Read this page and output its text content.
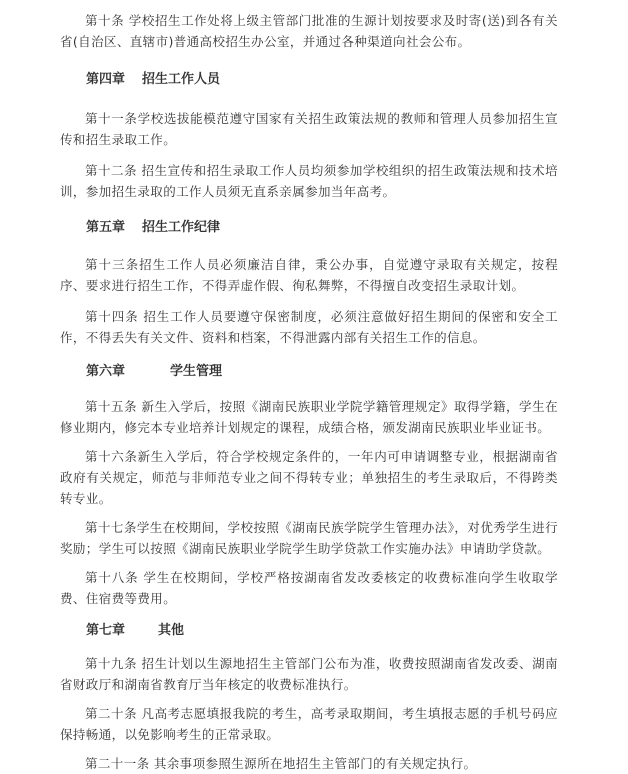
第十条 学校招生工作处将上级主管部门批准的生源计划按要求及时寄(送)到各有关省(自治区、直辖市)普通高校招生办公室，并通过各种渠道向社会公布。

第四章 招生工作人员

第十一条学校选拔能模范遵守国家有关招生政策法规的教师和管理人员参加招生宣传和招生录取工作。

第十二条 招生宣传和招生录取工作人员均须参加学校组织的招生政策法规和技术培训，参加招生录取的工作人员须无直系亲属参加当年高考。

第五章 招生工作纪律

第十三条招生工作人员必须廉洁自律，秉公办事，自觉遵守录取有关规定，按程序、要求进行招生工作，不得弄虚作假、徇私舞弊，不得擅自改变招生录取计划。

第十四条 招生工作人员要遵守保密制度，必须注意做好招生期间的保密和安全工作，不得丢失有关文件、资料和档案，不得泄露内部有关招生工作的信息。

第六章	学生管理

第十五条 新生入学后，按照《湖南民族职业学院学籍管理规定》取得学籍，学生在修业期内，修完本专业培养计划规定的课程，成绩合格，颁发湖南民族职业毕业证书。

第十六条新生入学后，符合学校规定条件的，一年内可申请调整专业，根据湖南省政府有关规定，师范与非师范专业之间不得转专业；单独招生的考生录取后，不得跨类转专业。

第十七条学生在校期间，学校按照《湖南民族学院学生管理办法》，对优秀学生进行奖励；学生可以按照《湖南民族职业学院学生助学贷款工作实施办法》申请助学贷款。

第十八条 学生在校期间，学校严格按湖南省发改委核定的收费标准向学生收取学费、住宿费等费用。

第七章	其他

第十九条 招生计划以生源地招生主管部门公布为准，收费按照湖南省发改委、湖南省财政厅和湖南省教育厅当年核定的收费标准执行。

第二十条 凡高考志愿填报我院的考生，高考录取期间，考生填报志愿的手机号码应保持畅通，以免影响考生的正常录取。

第二十一条 其余事项参照生源所在地招生主管部门的有关规定执行。
